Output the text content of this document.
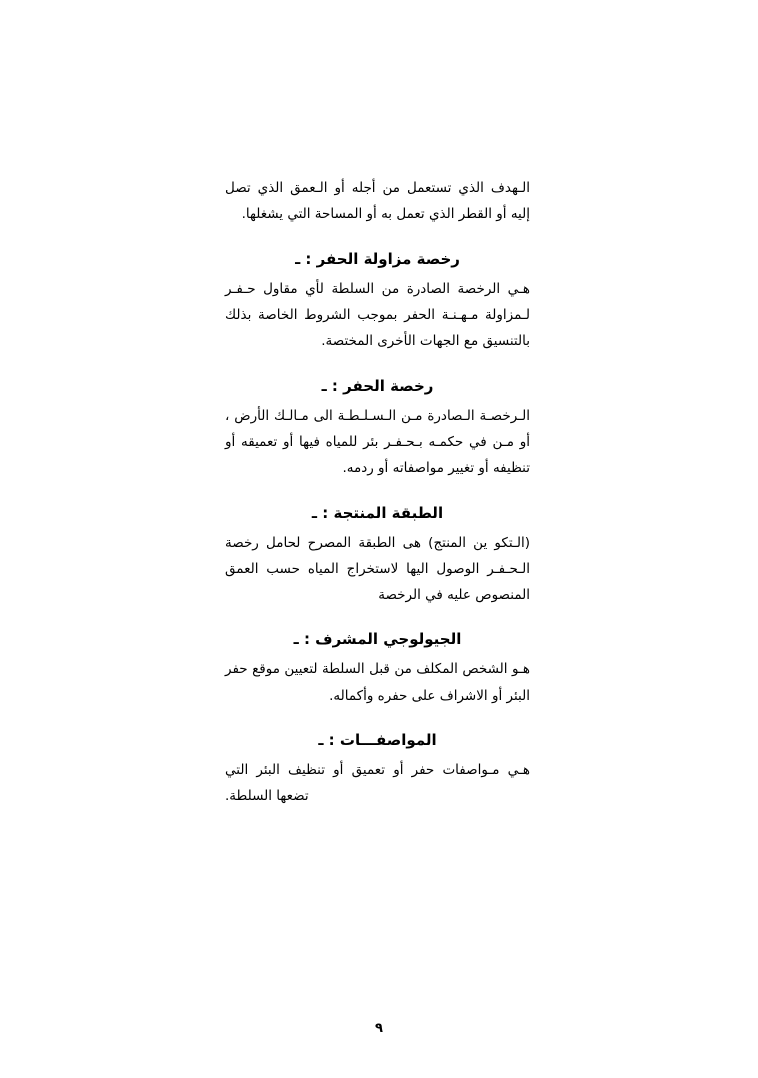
الـهدف الذي تستعمل من أجله أو الـعمق الذي تصل إليه أو القطر الذي تعمل به أو المساحة التي يشغلها.

رخصة مزاولة الحفر : ـ

هـي الرخصة الصادرة من السلطة لأي مقاول حـفـر لـمزاولة مـهـنـة الحفر بموجب الشروط الخاصة بذلك بالتنسيق مع الجهات الأخرى المختصة.

رخصة الحفر : ـ

الـرخصـة الـصادرة مـن الـسـلـطـة الى مـالـك الأرض ، أو مـن في حكمـه بـحـفـر بئر للمياه فيها أو تعميقه أو تنظيفه أو تغيير مواصفاته أو ردمه.

الطبقة المنتجة : ـ

(الـتكو ين المنتج) هى الطبقة المصرح لحامل رخصة الـحـفـر الوصول اليها لاستخراج المياه حسب العمق المنصوص عليه في الرخصة

الجيولوجي المشرف : ـ

هـو الشخص المكلف من قبل السلطة لتعيين موقع حفر البئر أو الاشراف على حفره وأكماله.

المواصفـــات : ـ

هـي مـواصفات حفر أو تعميق أو تنظيف البئر التي تضعها السلطة.

٩
